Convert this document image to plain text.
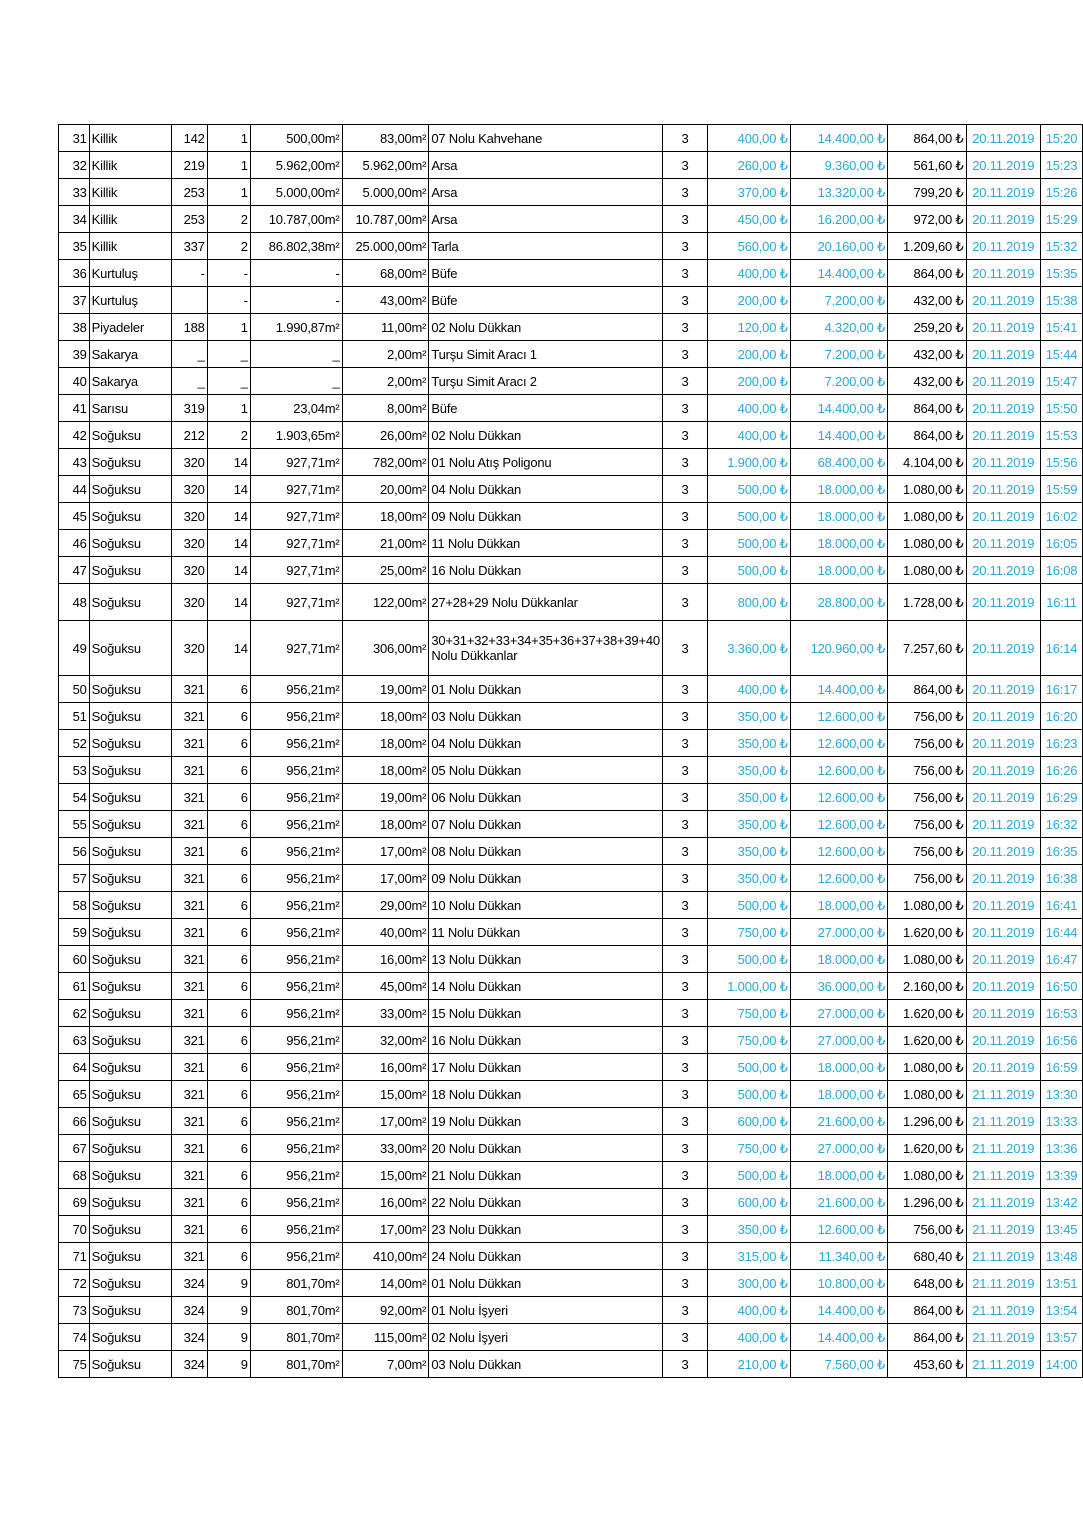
31	Killik	142	1	500,00m²	83,00m²	07 Nolu Kahvehane	3	400,00 ₺	14.400,00 ₺	864,00 ₺	20.11.2019	15:20
32	Killik	219	1	5.962,00m²	5.962,00m²	Arsa	3	260,00 ₺	9.360,00 ₺	561,60 ₺	20.11.2019	15:23
33	Killik	253	1	5.000,00m²	5.000,00m²	Arsa	3	370,00 ₺	13.320,00 ₺	799,20 ₺	20.11.2019	15:26
34	Killik	253	2	10.787,00m²	10.787,00m²	Arsa	3	450,00 ₺	16.200,00 ₺	972,00 ₺	20.11.2019	15:29
35	Killik	337	2	86.802,38m²	25.000,00m²	Tarla	3	560,00 ₺	20.160,00 ₺	1.209,60 ₺	20.11.2019	15:32
36	Kurtuluş	-	-	-	68,00m²	Büfe	3	400,00 ₺	14.400,00 ₺	864,00 ₺	20.11.2019	15:35
37	Kurtuluş		-	-	43,00m²	Büfe	3	200,00 ₺	7.200,00 ₺	432,00 ₺	20.11.2019	15:38
38	Piyadeler	188	1	1.990,87m²	11,00m²	02 Nolu Dükkan	3	120,00 ₺	4.320,00 ₺	259,20 ₺	20.11.2019	15:41
39	Sakarya	_	_	_	2,00m²	Turşu Simit Aracı 1	3	200,00 ₺	7.200,00 ₺	432,00 ₺	20.11.2019	15:44
40	Sakarya	_	_	_	2,00m²	Turşu Simit Aracı 2	3	200,00 ₺	7.200,00 ₺	432,00 ₺	20.11.2019	15:47
41	Sarısu	319	1	23,04m²	8,00m²	Büfe	3	400,00 ₺	14.400,00 ₺	864,00 ₺	20.11.2019	15:50
42	Soğuksu	212	2	1.903,65m²	26,00m²	02 Nolu Dükkan	3	400,00 ₺	14.400,00 ₺	864,00 ₺	20.11.2019	15:53
43	Soğuksu	320	14	927,71m²	782,00m²	01 Nolu Atış Poligonu	3	1.900,00 ₺	68.400,00 ₺	4.104,00 ₺	20.11.2019	15:56
44	Soğuksu	320	14	927,71m²	20,00m²	04 Nolu Dükkan	3	500,00 ₺	18.000,00 ₺	1.080,00 ₺	20.11.2019	15:59
45	Soğuksu	320	14	927,71m²	18,00m²	09 Nolu Dükkan	3	500,00 ₺	18.000,00 ₺	1.080,00 ₺	20.11.2019	16:02
46	Soğuksu	320	14	927,71m²	21,00m²	11 Nolu Dükkan	3	500,00 ₺	18.000,00 ₺	1.080,00 ₺	20.11.2019	16:05
47	Soğuksu	320	14	927,71m²	25,00m²	16 Nolu Dükkan	3	500,00 ₺	18.000,00 ₺	1.080,00 ₺	20.11.2019	16:08
48	Soğuksu	320	14	927,71m²	122,00m²	27+28+29 Nolu Dükkanlar	3	800,00 ₺	28.800,00 ₺	1.728,00 ₺	20.11.2019	16:11
49	Soğuksu	320	14	927,71m²	306,00m²	30+31+32+33+34+35+36+37+38+39+40 Nolu Dükkanlar	3	3.360,00 ₺	120.960,00 ₺	7.257,60 ₺	20.11.2019	16:14
50	Soğuksu	321	6	956,21m²	19,00m²	01 Nolu Dükkan	3	400,00 ₺	14.400,00 ₺	864,00 ₺	20.11.2019	16:17
51	Soğuksu	321	6	956,21m²	18,00m²	03 Nolu Dükkan	3	350,00 ₺	12.600,00 ₺	756,00 ₺	20.11.2019	16:20
52	Soğuksu	321	6	956,21m²	18,00m²	04 Nolu Dükkan	3	350,00 ₺	12.600,00 ₺	756,00 ₺	20.11.2019	16:23
53	Soğuksu	321	6	956,21m²	18,00m²	05 Nolu Dükkan	3	350,00 ₺	12.600,00 ₺	756,00 ₺	20.11.2019	16:26
54	Soğuksu	321	6	956,21m²	19,00m²	06 Nolu Dükkan	3	350,00 ₺	12.600,00 ₺	756,00 ₺	20.11.2019	16:29
55	Soğuksu	321	6	956,21m²	18,00m²	07 Nolu Dükkan	3	350,00 ₺	12.600,00 ₺	756,00 ₺	20.11.2019	16:32
56	Soğuksu	321	6	956,21m²	17,00m²	08 Nolu Dükkan	3	350,00 ₺	12.600,00 ₺	756,00 ₺	20.11.2019	16:35
57	Soğuksu	321	6	956,21m²	17,00m²	09 Nolu Dükkan	3	350,00 ₺	12.600,00 ₺	756,00 ₺	20.11.2019	16:38
58	Soğuksu	321	6	956,21m²	29,00m²	10 Nolu Dükkan	3	500,00 ₺	18.000,00 ₺	1.080,00 ₺	20.11.2019	16:41
59	Soğuksu	321	6	956,21m²	40,00m²	11 Nolu Dükkan	3	750,00 ₺	27.000,00 ₺	1.620,00 ₺	20.11.2019	16:44
60	Soğuksu	321	6	956,21m²	16,00m²	13 Nolu Dükkan	3	500,00 ₺	18.000,00 ₺	1.080,00 ₺	20.11.2019	16:47
61	Soğuksu	321	6	956,21m²	45,00m²	14 Nolu Dükkan	3	1.000,00 ₺	36.000,00 ₺	2.160,00 ₺	20.11.2019	16:50
62	Soğuksu	321	6	956,21m²	33,00m²	15 Nolu Dükkan	3	750,00 ₺	27.000,00 ₺	1.620,00 ₺	20.11.2019	16:53
63	Soğuksu	321	6	956,21m²	32,00m²	16 Nolu Dükkan	3	750,00 ₺	27.000,00 ₺	1.620,00 ₺	20.11.2019	16:56
64	Soğuksu	321	6	956,21m²	16,00m²	17 Nolu Dükkan	3	500,00 ₺	18.000,00 ₺	1.080,00 ₺	20.11.2019	16:59
65	Soğuksu	321	6	956,21m²	15,00m²	18 Nolu Dükkan	3	500,00 ₺	18.000,00 ₺	1.080,00 ₺	21.11.2019	13:30
66	Soğuksu	321	6	956,21m²	17,00m²	19 Nolu Dükkan	3	600,00 ₺	21.600,00 ₺	1.296,00 ₺	21.11.2019	13:33
67	Soğuksu	321	6	956,21m²	33,00m²	20 Nolu Dükkan	3	750,00 ₺	27.000,00 ₺	1.620,00 ₺	21.11.2019	13:36
68	Soğuksu	321	6	956,21m²	15,00m²	21 Nolu Dükkan	3	500,00 ₺	18.000,00 ₺	1.080,00 ₺	21.11.2019	13:39
69	Soğuksu	321	6	956,21m²	16,00m²	22 Nolu Dükkan	3	600,00 ₺	21.600,00 ₺	1.296,00 ₺	21.11.2019	13:42
70	Soğuksu	321	6	956,21m²	17,00m²	23 Nolu Dükkan	3	350,00 ₺	12.600,00 ₺	756,00 ₺	21.11.2019	13:45
71	Soğuksu	321	6	956,21m²	410,00m²	24 Nolu Dükkan	3	315,00 ₺	11.340,00 ₺	680,40 ₺	21.11.2019	13:48
72	Soğuksu	324	9	801,70m²	14,00m²	01 Nolu Dükkan	3	300,00 ₺	10.800,00 ₺	648,00 ₺	21.11.2019	13:51
73	Soğuksu	324	9	801,70m²	92,00m²	01 Nolu İşyeri	3	400,00 ₺	14.400,00 ₺	864,00 ₺	21.11.2019	13:54
74	Soğuksu	324	9	801,70m²	115,00m²	02 Nolu İşyeri	3	400,00 ₺	14.400,00 ₺	864,00 ₺	21.11.2019	13:57
75	Soğuksu	324	9	801,70m²	7,00m²	03 Nolu Dükkan	3	210,00 ₺	7.560,00 ₺	453,60 ₺	21.11.2019	14:00
